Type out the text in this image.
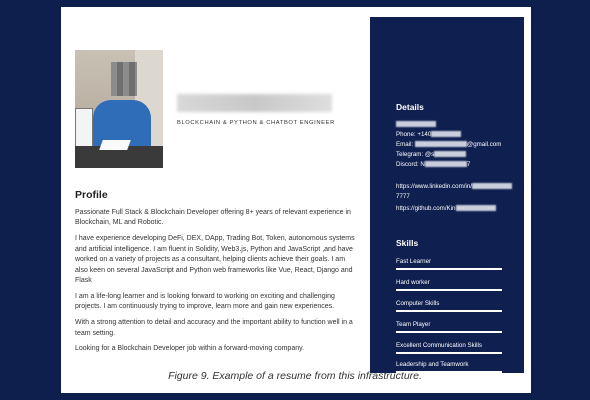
BLOCKCHAIN & PYTHON & CHATBOT ENGINEER
Profile

Passionate Full Stack & Blockchain Developer offering 8+ years of relevant experience in Blockchain, ML and Robotic.

I have experience developing DeFi, DEX, DApp, Trading Bot, Token, autonomous systems and artificial intelligence. I am fluent in Solidity, Web3.js, Python and JavaScript ,and have worked on a variety of projects as a consultant, helping clients achieve their goals. I am also keen on several JavaScript and Python web frameworks like Vue, React, Django and Flask

I am a life-long learner and is looking forward to working on exciting and challenging projects. I am continuously trying to improve, learn more and gain new experiences.

With a strong attention to detail and accuracy and the important ability to function well in a team setting.

Looking for a Blockchain Developer job within a forward-moving company.

Details
Phone: +140
Email:	@gmail.com
Telegram: @s
Discord: N	7
https://www.linkedin.com/in/
7777
https://github.com/Kin
Skills
Fast Learner
Hard worker
Computer Skills
Team Player
Excellent Communication Skills
Leadership and Teamwork
Figure 9. Example of a resume from this infrastructure.
